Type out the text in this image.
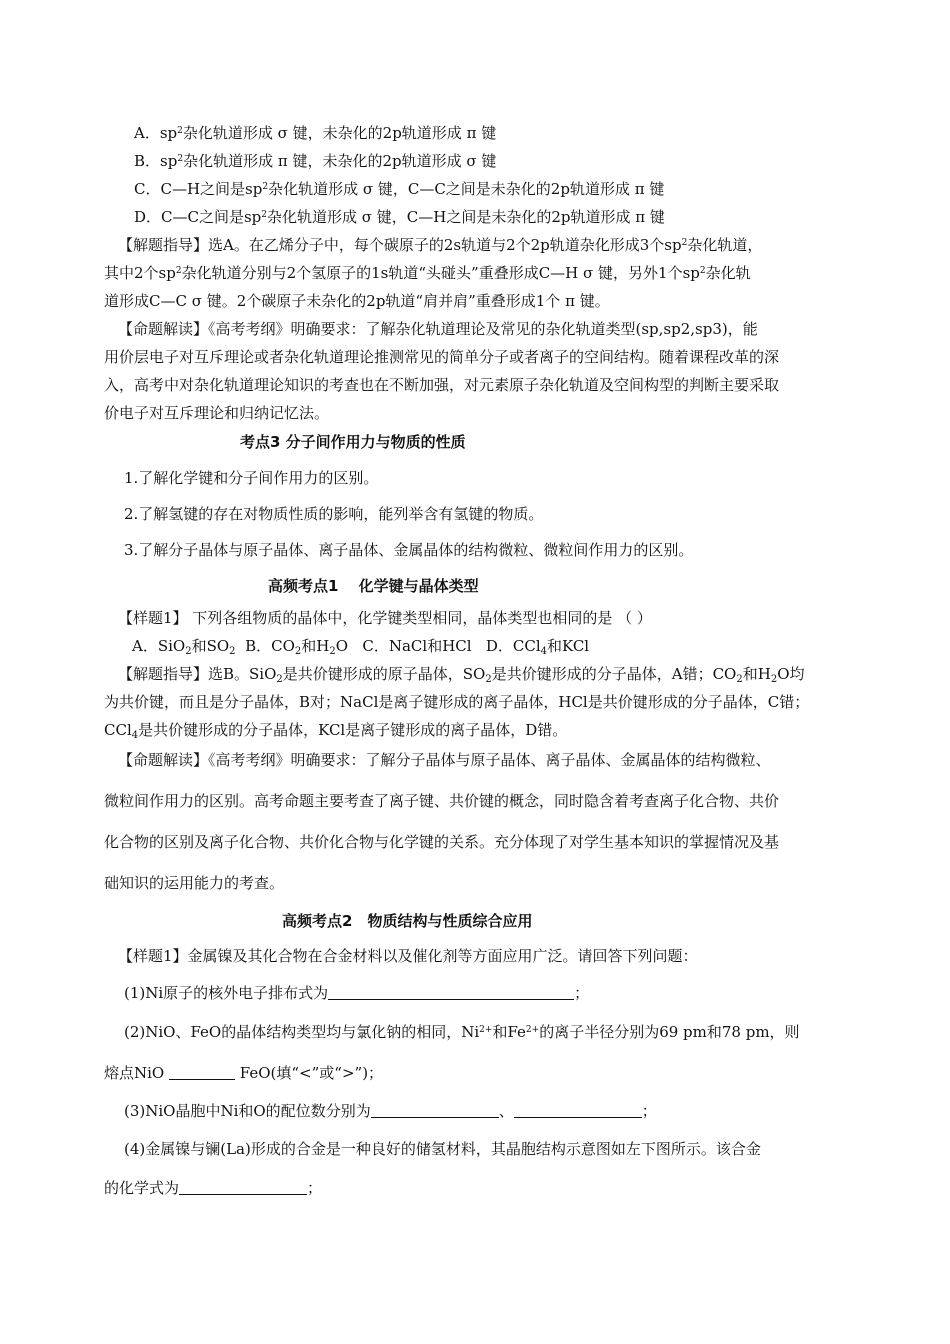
A．$sp^2$杂化轨道形成 σ 键，未杂化的2p轨道形成 π 键
B．$sp^2$杂化轨道形成 π 键，未杂化的2p轨道形成 σ 键
C．C—H之间是$sp^2$杂化轨道形成 σ 键，C—C之间是未杂化的2p轨道形成 π 键
D．C—C之间是$sp^2$杂化轨道形成 σ 键，C—H之间是未杂化的2p轨道形成 π 键
【解题指导】选A。在乙烯分子中，每个碳原子的2s轨道与2个2p轨道杂化形成3个$sp^2$杂化轨道，
其中2个$sp^2$杂化轨道分别与2个氢原子的1s轨道“头碰头”重叠形成C—H σ 键，另外1个$sp^2$杂化轨
道形成C—C σ 键。2个碳原子未杂化的2p轨道“肩并肩”重叠形成1个 π 键。
【命题解读】《高考考纲》明确要求：了解杂化轨道理论及常见的杂化轨道类型(sp,sp2,sp3)，能
用价层电子对互斥理论或者杂化轨道理论推测常见的简单分子或者离子的空间结构。随着课程改革的深
入，高考中对杂化轨道理论知识的考查也在不断加强，对元素原子杂化轨道及空间构型的判断主要采取
价电子对互斥理论和归纳记忆法。
考点3 分子间作用力与物质的性质
1.了解化学键和分子间作用力的区别。
2.了解氢键的存在对物质性质的影响，能列举含有氢键的物质。
3.了解分子晶体与原子晶体、离子晶体、金属晶体的结构微粒、微粒间作用力的区别。
高频考点1　 化学键与晶体类型
【样题1】 下列各组物质的晶体中，化学键类型相同，晶体类型也相同的是 （ ）
A．SiO$_2$和$SO_2$ B．$CO_2$和$H_2O$ C．NaCl和HCl D．CCl$_4$和KCl
【解题指导】选B。SiO$_2$是共价键形成的原子晶体，$SO_2$是共价键形成的分子晶体，A错；$CO_2$和$H_2O$均
为共价键，而且是分子晶体，B对；NaCl是离子键形成的离子晶体，HCl是共价键形成的分子晶体，C错；
CCl$_4$是共价键形成的分子晶体，KCl是离子键形成的离子晶体，D错。
【命题解读】《高考考纲》明确要求：了解分子晶体与原子晶体、离子晶体、金属晶体的结构微粒、
微粒间作用力的区别。高考命题主要考查了离子键、共价键的概念，同时隐含着考查离子化合物、共价
化合物的区别及离子化合物、共价化合物与化学键的关系。充分体现了对学生基本知识的掌握情况及基
础知识的运用能力的考查。
高频考点2　物质结构与性质综合应用
【样题1】金属镍及其化合物在合金材料以及催化剂等方面应用广泛。请回答下列问题：
(1)Ni原子的核外电子排布式为	；
(2)NiO、FeO的晶体结构类型均与氯化钠的相同，$Ni^{2+}$和$Fe^{2+}$的离子半径分别为69 pm和78 pm，则
熔点NiO	FeO(填“<”或“>”)；
(3)NiO晶胞中Ni和O的配位数分别为	、	；
(4)金属镍与镧(La)形成的合金是一种良好的储氢材料，其晶胞结构示意图如左下图所示。该合金
的化学式为	；
